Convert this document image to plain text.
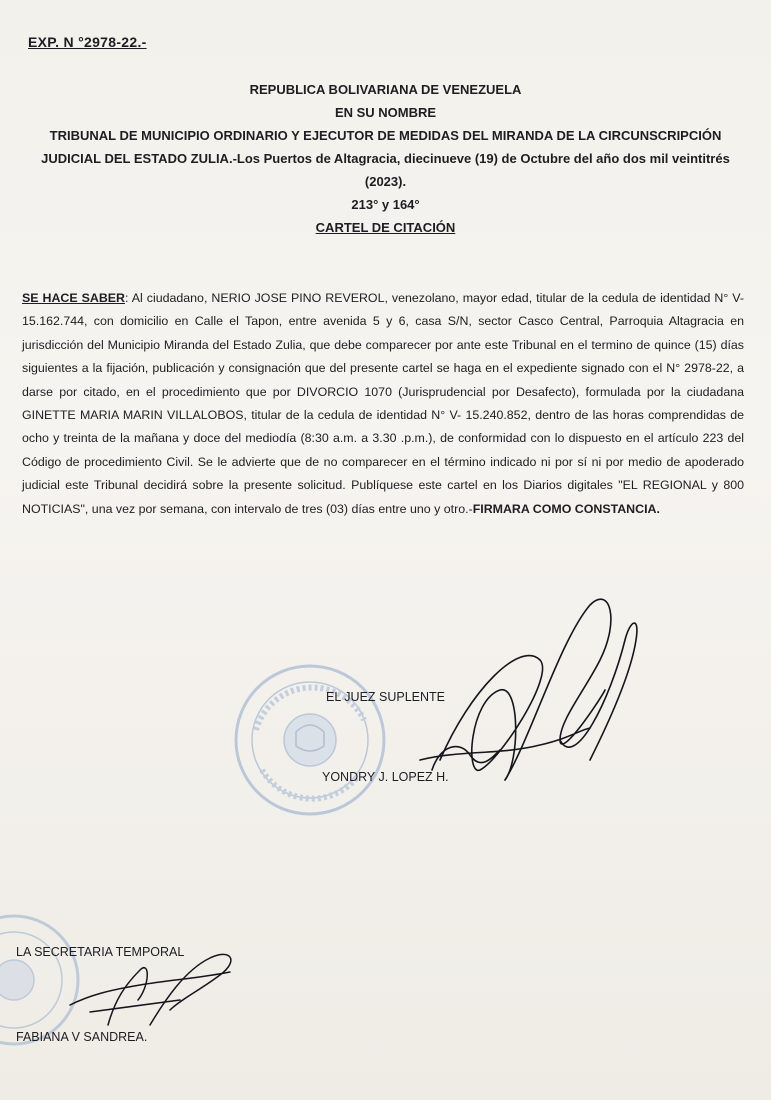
EXP. N °2978-22.-
REPUBLICA BOLIVARIANA DE VENEZUELA
EN SU NOMBRE
TRIBUNAL DE MUNICIPIO ORDINARIO Y EJECUTOR DE MEDIDAS DEL MIRANDA DE LA CIRCUNSCRIPCIÓN JUDICIAL DEL ESTADO ZULIA.-Los Puertos de Altagracia, diecinueve (19) de Octubre del año dos mil veintitrés (2023).
213° y 164°
CARTEL DE CITACIÓN
SE HACE SABER: Al ciudadano, NERIO JOSE PINO REVEROL, venezolano, mayor edad, titular de la cedula de identidad N° V- 15.162.744, con domicilio en Calle el Tapon, entre avenida 5 y 6, casa S/N, sector Casco Central, Parroquia Altagracia en jurisdicción del Municipio Miranda del Estado Zulia, que debe comparecer por ante este Tribunal en el termino de quince (15) días siguientes a la fijación, publicación y consignación que del presente cartel se haga en el expediente signado con el N° 2978-22, a darse por citado, en el procedimiento que por DIVORCIO 1070 (Jurisprudencial por Desafecto), formulada por la ciudadana GINETTE MARIA MARIN VILLALOBOS, titular de la cedula de identidad N° V- 15.240.852, dentro de las horas comprendidas de ocho y treinta de la mañana y doce del mediodía (8:30 a.m. a 3.30 .p.m.), de conformidad con lo dispuesto en el artículo 223 del Código de procedimiento Civil. Se le advierte que de no comparecer en el término indicado ni por sí ni por medio de apoderado judicial este Tribunal decidirá sobre la presente solicitud. Publíquese este cartel en los Diarios digitales "EL REGIONAL y 800 NOTICIAS", una vez por semana, con intervalo de tres (03) días entre uno y otro.-FIRMARA COMO CONSTANCIA.
EL JUEZ SUPLENTE
YONDRY J. LOPEZ H.
LA SECRETARIA TEMPORAL
FABIANA V SANDREA.
